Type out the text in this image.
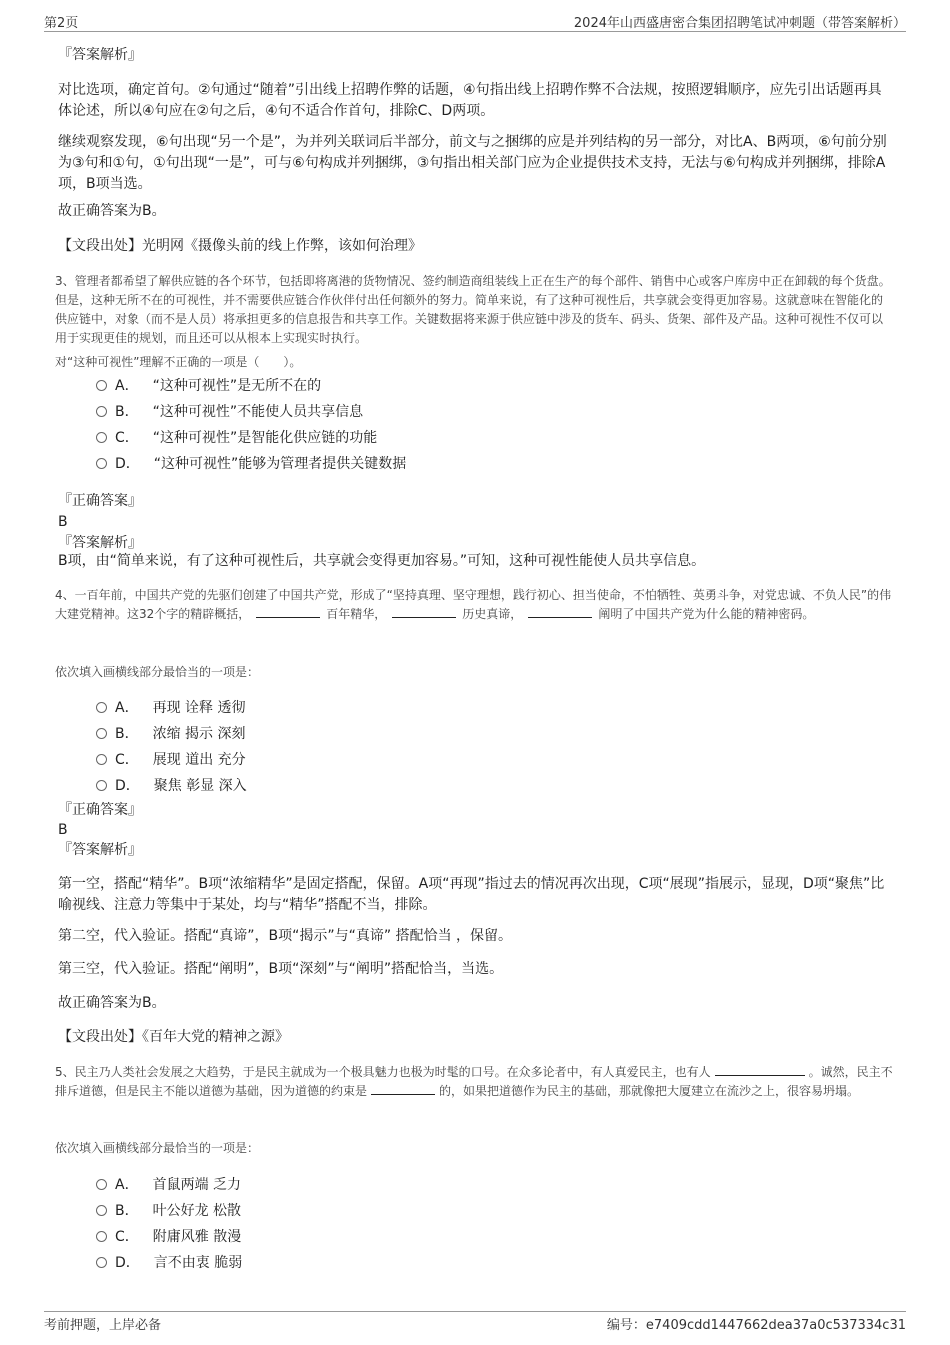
第2页	2024年山西盛唐密合集团招聘笔试冲刺题（带答案解析）
『答案解析』
对比选项，确定首句。②句通过“随着”引出线上招聘作弊的话题，④句指出线上招聘作弊不合法规，按照逻辑顺序，应先引出话题再具体论述，所以④句应在②句之后，④句不适合作首句，排除C、D两项。
继续观察发现，⑥句出现“另一个是”，为并列关联词后半部分，前文与之捆绑的应是并列结构的另一部分，对比A、B两项，⑥句前分别为③句和①句，①句出现“一是”，可与⑥句构成并列捆绑，③句指出相关部门应为企业提供技术支持，无法与⑥句构成并列捆绑，排除A项，B项当选。
故正确答案为B。
【文段出处】光明网《摄像头前的线上作弊，该如何治理》
3、管理者都希望了解供应链的各个环节，包括即将离港的货物情况、签约制造商组装线上正在生产的每个部件、销售中心或客户库房中正在卸载的每个货盘。但是，这种无所不在的可视性，并不需要供应链合作伙伴付出任何额外的努力。简单来说，有了这种可视性后，共享就会变得更加容易。这就意味在智能化的供应链中，对象（而不是人员）将承担更多的信息报告和共享工作。关键数据将来源于供应链中涉及的货车、码头、货架、部件及产品。这种可视性不仅可以用于实现更佳的规划，而且还可以从根本上实现实时执行。
对“这种可视性”理解不正确的一项是（　　）。
A． “这种可视性”是无所不在的
B． “这种可视性”不能使人员共享信息
C． “这种可视性”是智能化供应链的功能
D． “这种可视性”能够为管理者提供关键数据
『正确答案』
B
『答案解析』
B项，由“简单来说，有了这种可视性后，共享就会变得更加容易。”可知，这种可视性能使人员共享信息。
4、一百年前，中国共产党的先驱们创建了中国共产党，形成了“坚持真理、坚守理想，践行初心、担当使命，不怕牺牲、英勇斗争，对党忠诚、不负人民”的伟大建党精神。这32个字的精辟概括，	百年精华，	历史真谛，	阐明了中国共产党为什么能的精神密码。
依次填入画横线部分最恰当的一项是：
A． 再现 诠释 透彻
B． 浓缩 揭示 深刻
C． 展现 道出 充分
D． 聚焦 彰显 深入
『正确答案』
B
『答案解析』
第一空，搭配“精华”。B项“浓缩精华”是固定搭配，保留。A项“再现”指过去的情况再次出现，C项“展现”指展示，显现，D项“聚焦”比喻视线、注意力等集中于某处，均与“精华”搭配不当，排除。
第二空，代入验证。搭配“真谛”，B项“揭示”与“真谛” 搭配恰当 ，保留。
第三空，代入验证。搭配“阐明”，B项“深刻”与“阐明”搭配恰当，当选。
故正确答案为B。
【文段出处】《百年大党的精神之源》
5、民主乃人类社会发展之大趋势，于是民主就成为一个极具魅力也极为时髦的口号。在众多论者中，有人真爱民主，也有人	。诚然，民主不排斥道德，但是民主不能以道德为基础，因为道德的约束是	的，如果把道德作为民主的基础，那就像把大厦建立在流沙之上，很容易坍塌。
依次填入画横线部分最恰当的一项是：
A． 首鼠两端 乏力
B． 叶公好龙 松散
C． 附庸风雅 散漫
D． 言不由衷 脆弱
考前押题，上岸必备	编号：e7409cdd1447662dea37a0c537334c31
